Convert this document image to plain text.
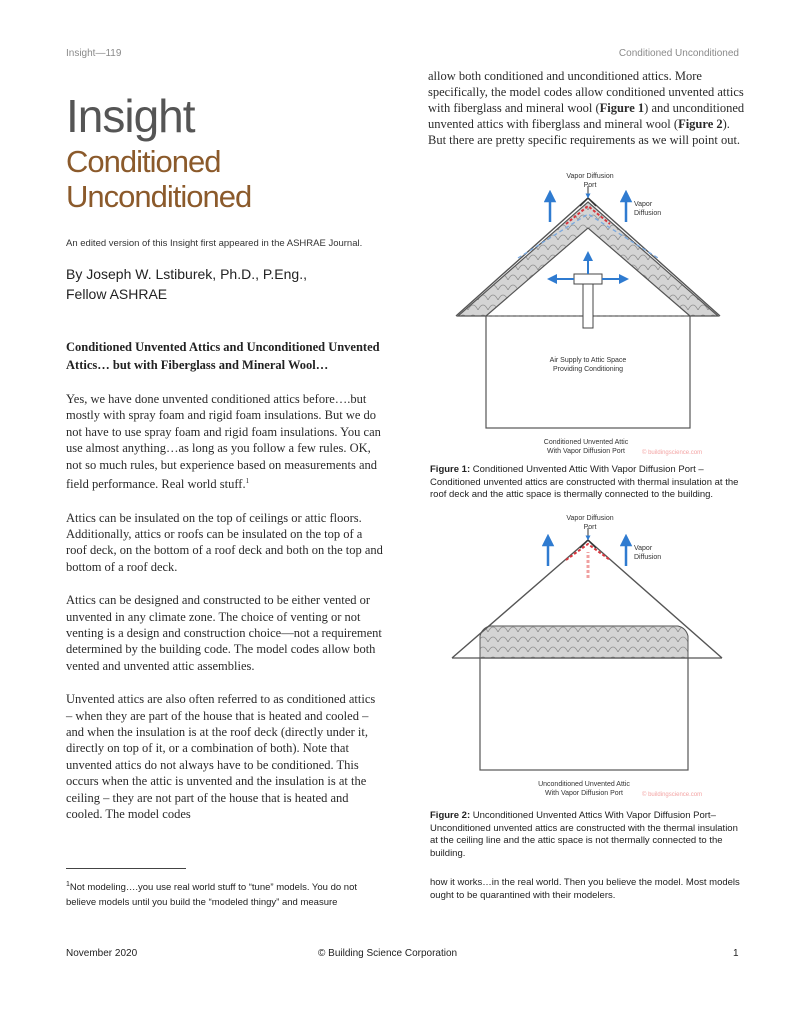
Insight—119	Conditioned Unconditioned
Insight
Conditioned
Unconditioned
An edited version of this Insight first appeared in the ASHRAE Journal.
By Joseph W. Lstiburek, Ph.D., P.Eng.,
Fellow ASHRAE
Conditioned Unvented Attics and Unconditioned Unvented Attics… but with Fiberglass and Mineral Wool…

Yes, we have done unvented conditioned attics before….but mostly with spray foam and rigid foam insulations. But we do not have to use spray foam and rigid foam insulations. You can use almost anything…as long as you follow a few rules. OK, not so much rules, but experience based on measurements and field performance. Real world stuff.$^1$

Attics can be insulated on the top of ceilings or attic floors. Additionally, attics or roofs can be insulated on the top of a roof deck, on the bottom of a roof deck and both on the top and bottom of a roof deck.

Attics can be designed and constructed to be either vented or unvented in any climate zone. The choice of venting or not venting is a design and construction choice—not a requirement determined by the building code. The model codes allow both vented and unvented attic assemblies.

Unvented attics are also often referred to as conditioned attics – when they are part of the house that is heated and cooled – and when the insulation is at the roof deck (directly under it, directly on top of it, or a combination of both). Note that unvented attics do not always have to be conditioned. This occurs when the attic is unvented and the insulation is at the ceiling – they are not part of the house that is heated and cooled. The model codes

$^1$Not modeling….you use real world stuff to “tune” models. You do not believe models until you build the “modeled thingy” and measure
how it works…in the real world. Then you believe the model. Most models ought to be quarantined with their modelers.
allow both conditioned and unconditioned attics. More specifically, the model codes allow conditioned unvented attics with fiberglass and mineral wool (Figure 1) and unconditioned unvented attics with fiberglass and mineral wool (Figure 2). But there are pretty specific requirements as we will point out.
Vapor Diffusion Port
Vapor Diffusion
Air Supply to Attic Space Providing Conditioning
Conditioned Unvented Attic With Vapor Diffusion Port	© buildingscience.com
Figure 1: Conditioned Unvented Attic With Vapor Diffusion Port – Conditioned unvented attics are constructed with thermal insulation at the roof deck and the attic space is thermally connected to the building.
Vapor Diffusion Port
Vapor Diffusion
Unconditioned Unvented Attic With Vapor Diffusion Port	© buildingscience.com
Figure 2: Unconditioned Unvented Attics With Vapor Diffusion Port– Unconditioned unvented attics are constructed with the thermal insulation at the ceiling line and the attic space is not thermally connected to the building.
November 2020	© Building Science Corporation	1
